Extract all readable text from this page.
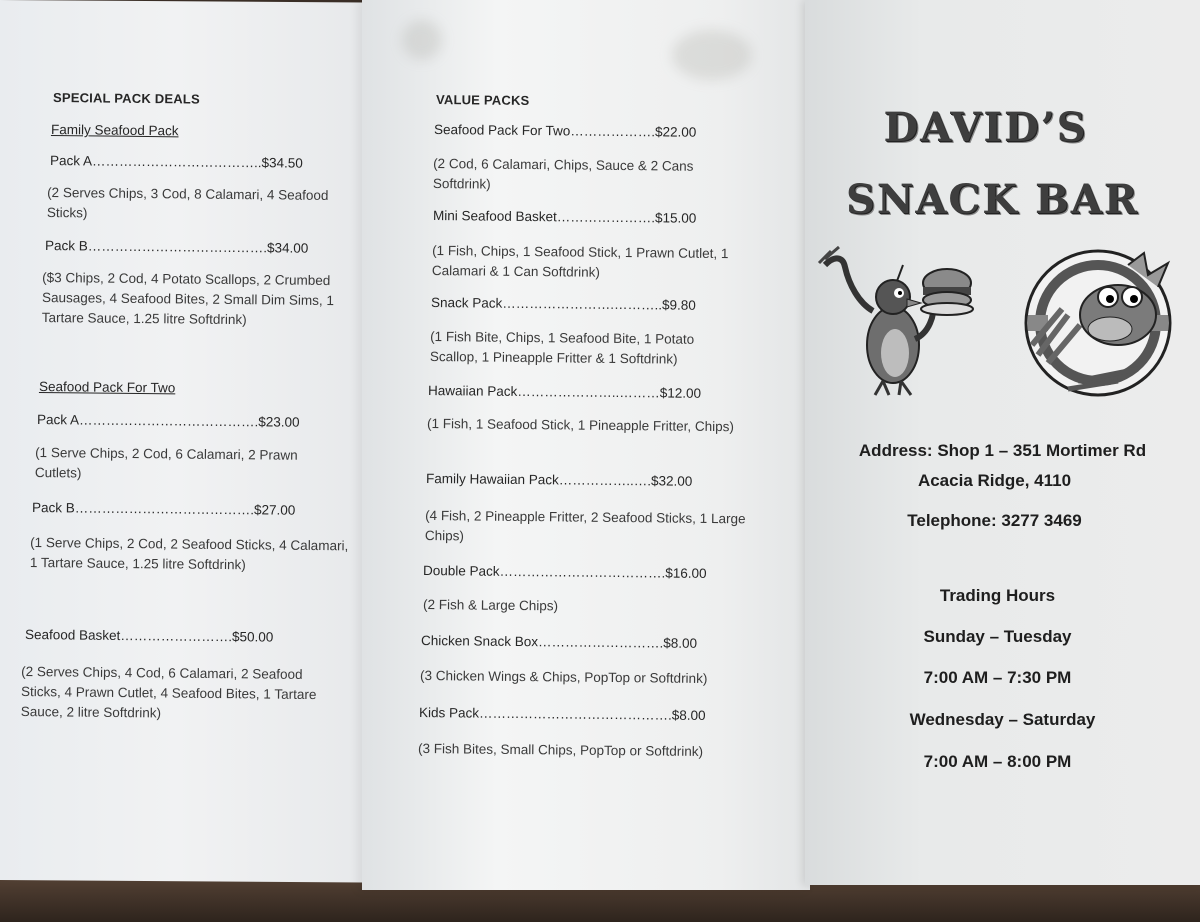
SPECIAL PACK DEALS
Family Seafood Pack
Pack A………………………………..$34.50
(2 Serves Chips, 3 Cod, 8 Calamari, 4 Seafood Sticks)
Pack B………………………………….$34.00
($3 Chips, 2 Cod, 4 Potato Scallops, 2 Crumbed Sausages, 4 Seafood Bites, 2 Small Dim Sims, 1 Tartare Sauce, 1.25 litre Softdrink)
Seafood Pack For Two
Pack A………………………………….$23.00
(1 Serve Chips, 2 Cod, 6 Calamari, 2 Prawn Cutlets)
Pack B………………………………….$27.00
(1 Serve Chips, 2 Cod, 2 Seafood Sticks, 4 Calamari, 1 Tartare Sauce, 1.25 litre Softdrink)
Seafood Basket…………………….$50.00
(2 Serves Chips, 4 Cod, 6 Calamari, 2 Seafood Sticks, 4 Prawn Cutlet, 4 Seafood Bites, 1 Tartare Sauce, 2 litre Softdrink)
VALUE PACKS
Seafood Pack For Two……………….$22.00
(2 Cod, 6 Calamari, Chips, Sauce & 2 Cans Softdrink)
Mini Seafood Basket………………….$15.00
(1 Fish, Chips, 1 Seafood Stick, 1 Prawn Cutlet, 1 Calamari & 1 Can Softdrink)
Snack Pack…………………….………..$9.80
(1 Fish Bite, Chips, 1 Seafood Bite, 1 Potato Scallop, 1 Pineapple Fritter & 1 Softdrink)
Hawaiian Pack…………………..………$12.00
(1 Fish, 1 Seafood Stick, 1 Pineapple Fritter, Chips)
Family Hawaiian Pack……………..….$32.00
(4 Fish, 2 Pineapple Fritter, 2 Seafood Sticks, 1 Large Chips)
Double Pack……………………………….$16.00
(2 Fish & Large Chips)
Chicken Snack Box……………………….$8.00
(3 Chicken Wings & Chips, PopTop or Softdrink)
Kids Pack…………………………………….$8.00
(3 Fish Bites, Small Chips, PopTop or Softdrink)
DAVID’S
SNACK BAR
Address: Shop 1 – 351 Mortimer Rd
Acacia Ridge, 4110
Telephone: 3277 3469
Trading Hours
Sunday – Tuesday
7:00 AM – 7:30 PM
Wednesday – Saturday
7:00 AM – 8:00 PM
